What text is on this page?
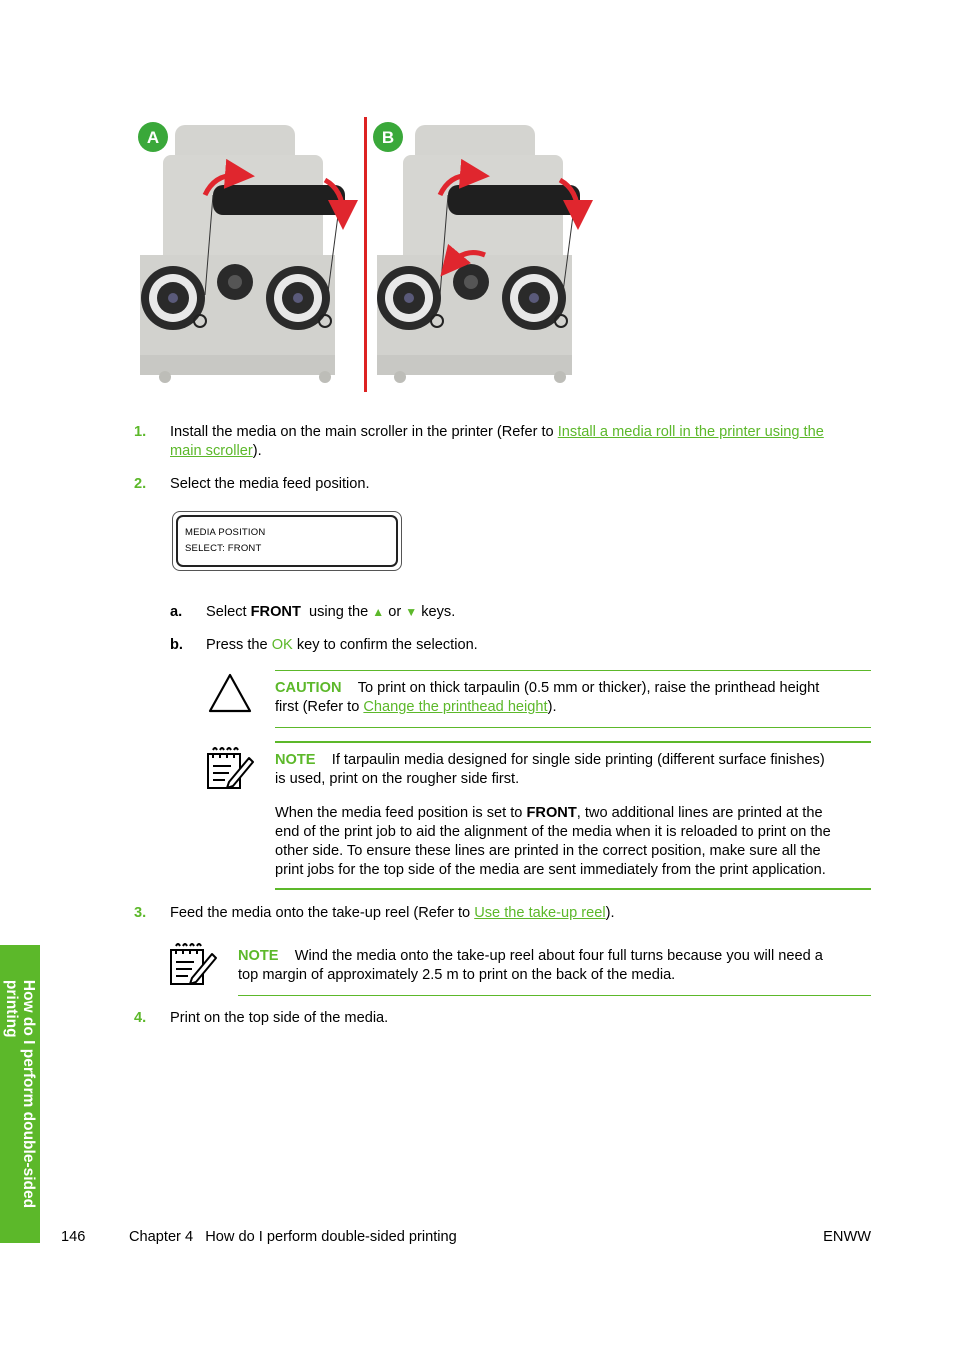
A	B
1. Install the media on the main scroller in the printer (Refer to Install a media roll in the printer using the
main scroller).
2. Select the media feed position.
MEDIA POSITION
SELECT: FRONT
a. Select FRONT  using the ▲ or ▼ keys.
b. Press the OK key to confirm the selection.
CAUTION To print on thick tarpaulin (0.5 mm or thicker), raise the printhead height
first (Refer to Change the printhead height).
NOTE If tarpaulin media designed for single side printing (different surface finishes)
is used, print on the rougher side first.
When the media feed position is set to FRONT, two additional lines are printed at the
end of the print job to aid the alignment of the media when it is reloaded to print on the
other side. To ensure these lines are printed in the correct position, make sure all the
print jobs for the top side of the media are sent immediately from the print application.
3. Feed the media onto the take-up reel (Refer to Use the take-up reel).
NOTE Wind the media onto the take-up reel about four full turns because you will need a
top margin of approximately 2.5 m to print on the back of the media.
4. Print on the top side of the media.
How do I perform double-sided
printing
146	Chapter 4   How do I perform double-sided printing	ENWW
